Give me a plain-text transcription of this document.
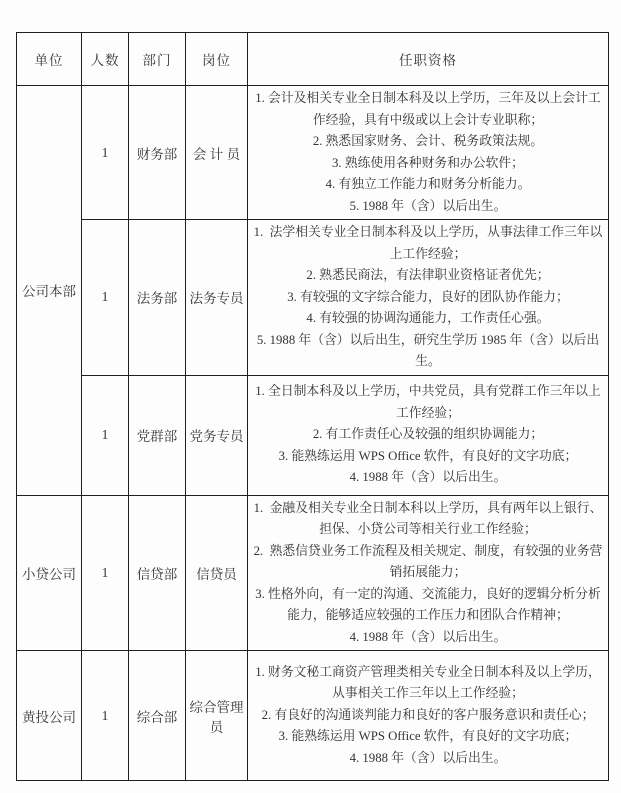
单位	人数	部门	岗位	任职资格
公司本部	1	财务部	会 计 员	1. 会计及相关专业全日制本科及以上学历，三年及以上会计工作经验，具有中级或以上会计专业职称；
2. 熟悉国家财务、会计、税务政策法规。
3. 熟练使用各种财务和办公软件；
4. 有独立工作能力和财务分析能力。
5. 1988 年（含）以后出生。

	1	法务部	法务专员	1.  法学相关专业全日制本科及以上学历，从事法律工作三年以上工作经验；
2. 熟悉民商法，有法律职业资格证者优先；
3. 有较强的文字综合能力，良好的团队协作能力；
4. 有较强的协调沟通能力，工作责任心强。
5. 1988 年（含）以后出生，研究生学历 1985 年（含）以后出生。

	1	党群部	党务专员	1. 全日制本科及以上学历，中共党员，具有党群工作三年以上工作经验；
2. 有工作责任心及较强的组织协调能力；
3. 能熟练运用 WPS Office 软件，有良好的文字功底；
4. 1988 年（含）以后出生。

小贷公司	1	信贷部	信贷员	1.  金融及相关专业全日制本科以上学历，具有两年以上银行、担保、小贷公司等相关行业工作经验；
2.  熟悉信贷业务工作流程及相关规定、制度，有较强的业务营销拓展能力；
3. 性格外向，有一定的沟通、交流能力，良好的逻辑分析分析能力，能够适应较强的工作压力和团队合作精神；
4. 1988 年（含）以后出生。

黄投公司	1	综合部	综合管理员	1. 财务文秘工商资产管理类相关专业全日制本科及以上学历，从事相关工作三年以上工作经验；
2. 有良好的沟通谈判能力和良好的客户服务意识和责任心；
3. 能熟练运用 WPS Office 软件，有良好的文字功底；
4. 1988 年（含）以后出生。
